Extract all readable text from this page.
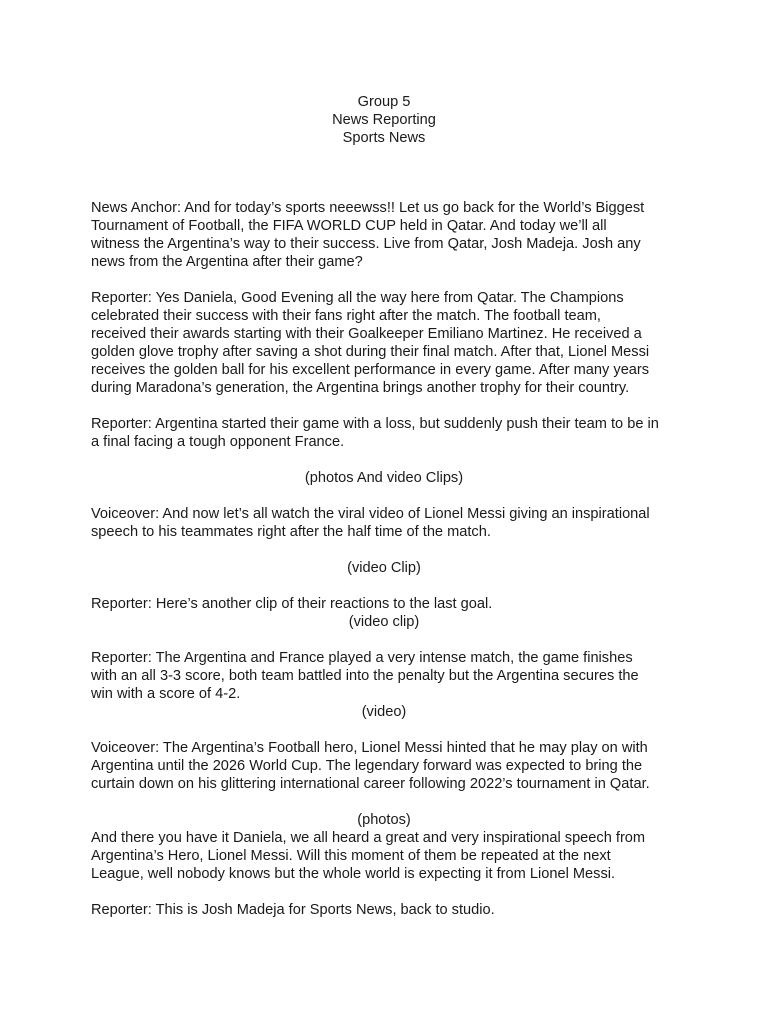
Group 5
News Reporting
Sports News
News Anchor: And for today’s sports neeewss!! Let us go back for the World’s Biggest
Tournament of Football, the FIFA WORLD CUP held in Qatar. And today we’ll all
witness the Argentina’s way to their success. Live from Qatar, Josh Madeja. Josh any
news from the Argentina after their game?
Reporter: Yes Daniela, Good Evening all the way here from Qatar. The Champions
celebrated their success with their fans right after the match. The football team,
received their awards starting with their Goalkeeper Emiliano Martinez. He received a
golden glove trophy after saving a shot during their final match. After that, Lionel Messi
receives the golden ball for his excellent performance in every game. After many years
during Maradona’s generation, the Argentina brings another trophy for their country.
Reporter: Argentina started their game with a loss, but suddenly push their team to be in
a final facing a tough opponent France.
(photos And video Clips)
Voiceover: And now let’s all watch the viral video of Lionel Messi giving an inspirational
speech to his teammates right after the half time of the match.
(video Clip)
Reporter: Here’s another clip of their reactions to the last goal.
(video clip)
Reporter: The Argentina and France played a very intense match, the game finishes
with an all 3-3 score, both team battled into the penalty but the Argentina secures the
win with a score of 4-2.
(video)
Voiceover: The Argentina’s Football hero, Lionel Messi hinted that he may play on with
Argentina until the 2026 World Cup. The legendary forward was expected to bring the
curtain down on his glittering international career following 2022’s tournament in Qatar.
(photos)
And there you have it Daniela, we all heard a great and very inspirational speech from
Argentina’s Hero, Lionel Messi. Will this moment of them be repeated at the next
League, well nobody knows but the whole world is expecting it from Lionel Messi.
Reporter: This is Josh Madeja for Sports News, back to studio.
